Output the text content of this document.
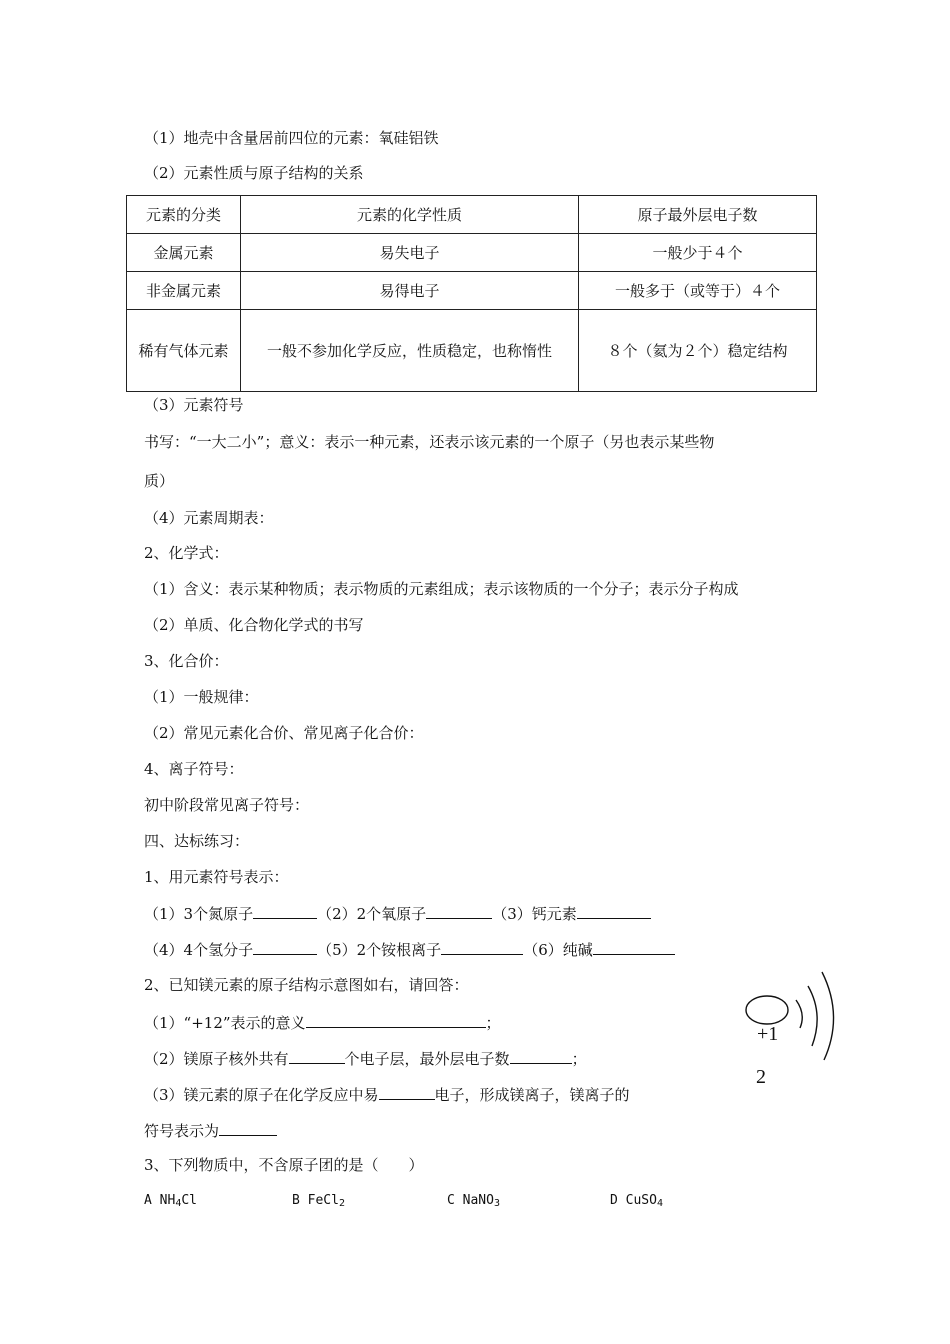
（1）地壳中含量居前四位的元素：氧硅铝铁
（2）元素性质与原子结构的关系
元素的分类	元素的化学性质	原子最外层电子数
金属元素	易失电子	一般少于４个
非金属元素	易得电子	一般多于（或等于）４个
稀有气体元素	一般不参加化学反应，性质稳定，也称惰性	８个（氦为２个）稳定结构
（3）元素符号
书写：“一大二小”；意义：表示一种元素，还表示该元素的一个原子（另也表示某些物
质）
（4）元素周期表：
2、化学式：
（1）含义：表示某种物质；表示物质的元素组成；表示该物质的一个分子；表示分子构成
（2）单质、化合物化学式的书写
3、化合价：
（1）一般规律：
（2）常见元素化合价、常见离子化合价：
4、离子符号：
初中阶段常见离子符号：
四、达标练习：
1、用元素符号表示：
（1）3个氮原子	（2）2个氧原子	（3）钙元素
（4）4个氢分子	（5）2个铵根离子	（6）纯碱
2、已知镁元素的原子结构示意图如右，请回答：
（1）“+12”表示的意义	；
（2）镁原子核外共有	个电子层，最外层电子数	；
（3）镁元素的原子在化学反应中易	电子，形成镁离子，镁离子的
符号表示为
+1
2
3、下列物质中，不含原子团的是（　　）
A $NH_4Cl$	B FeCl$_2$	C NaNO$_3$	D CuSO$_4$
